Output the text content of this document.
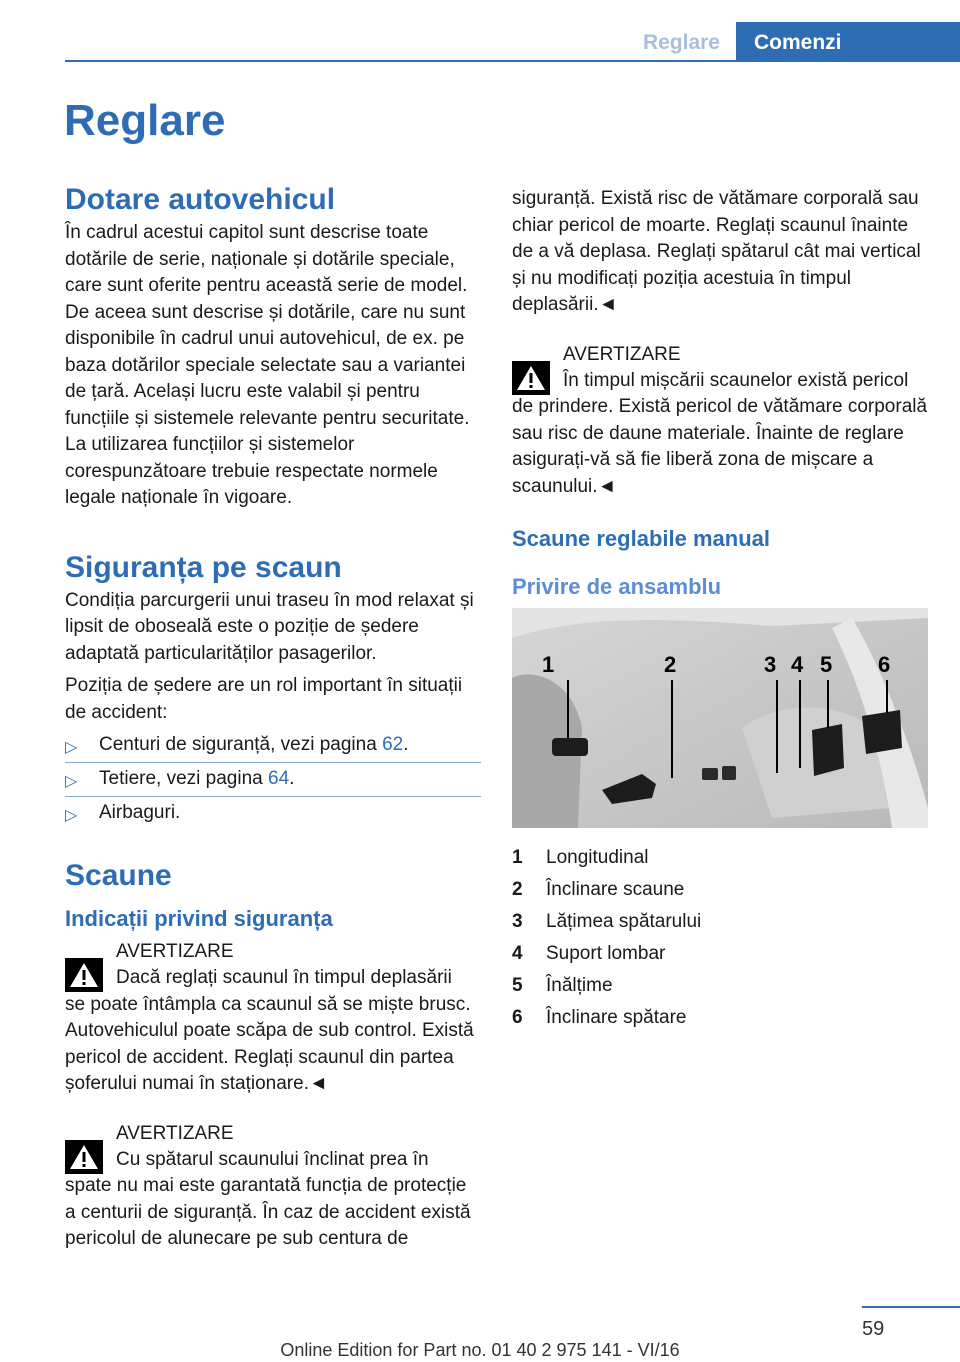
Reglare	Comenzi
Reglare
Dotare autovehicul

În cadrul acestui capitol sunt descrise toate dotările de serie, naționale și dotările speciale, care sunt oferite pentru această serie de model. De aceea sunt descrise și dotările, care nu sunt disponibile în cadrul unui autovehicul, de ex. pe baza dotărilor speciale selectate sau a variantei de țară. Același lucru este valabil și pentru funcțiile și sistemele relevante pentru securitate. La utilizarea funcțiilor și sistemelor corespunzătoare trebuie respectate normele legale naționale în vigoare.

Siguranța pe scaun

Condiția parcurgerii unui traseu în mod relaxat și lipsit de oboseală este o poziție de ședere adaptată particularităților pasagerilor.

Poziția de ședere are un rol important în situații de accident:

▷ Centuri de siguranță, vezi pagina 62.
▷ Tetiere, vezi pagina 64.
▷ Airbaguri.
Scaune
Indicații privind siguranța
AVERTIZARE
Dacă reglați scaunul în timpul deplasării
se poate întâmpla ca scaunul să se miște brusc. Autovehiculul poate scăpa de sub control. Există pericol de accident. Reglați scaunul din partea șoferului numai în staționare.◄
AVERTIZARE
Cu spătarul scaunului înclinat prea în
spate nu mai este garantată funcția de protecție a centurii de siguranță. În caz de accident există pericolul de alunecare pe sub centura de

siguranță. Există risc de vătămare corporală sau chiar pericol de moarte. Reglați scaunul înainte de a vă deplasa. Reglați spătarul cât mai vertical și nu modificați poziția acestuia în timpul deplasării.◄

AVERTIZARE
În timpul mișcării scaunelor există pericol
de prindere. Există pericol de vătămare corporală sau risc de daune materiale. Înainte de reglare asigurați-vă să fie liberă zona de mișcare a scaunului.◄
Scaune reglabile manual
Privire de ansamblu
1	2	3 4 5 6
1	Longitudinal
2	Înclinare scaune
3	Lățimea spătarului
4	Suport lombar
5	Înălțime
6	Înclinare spătare
59
Online Edition for Part no. 01 40 2 975 141 - VI/16
